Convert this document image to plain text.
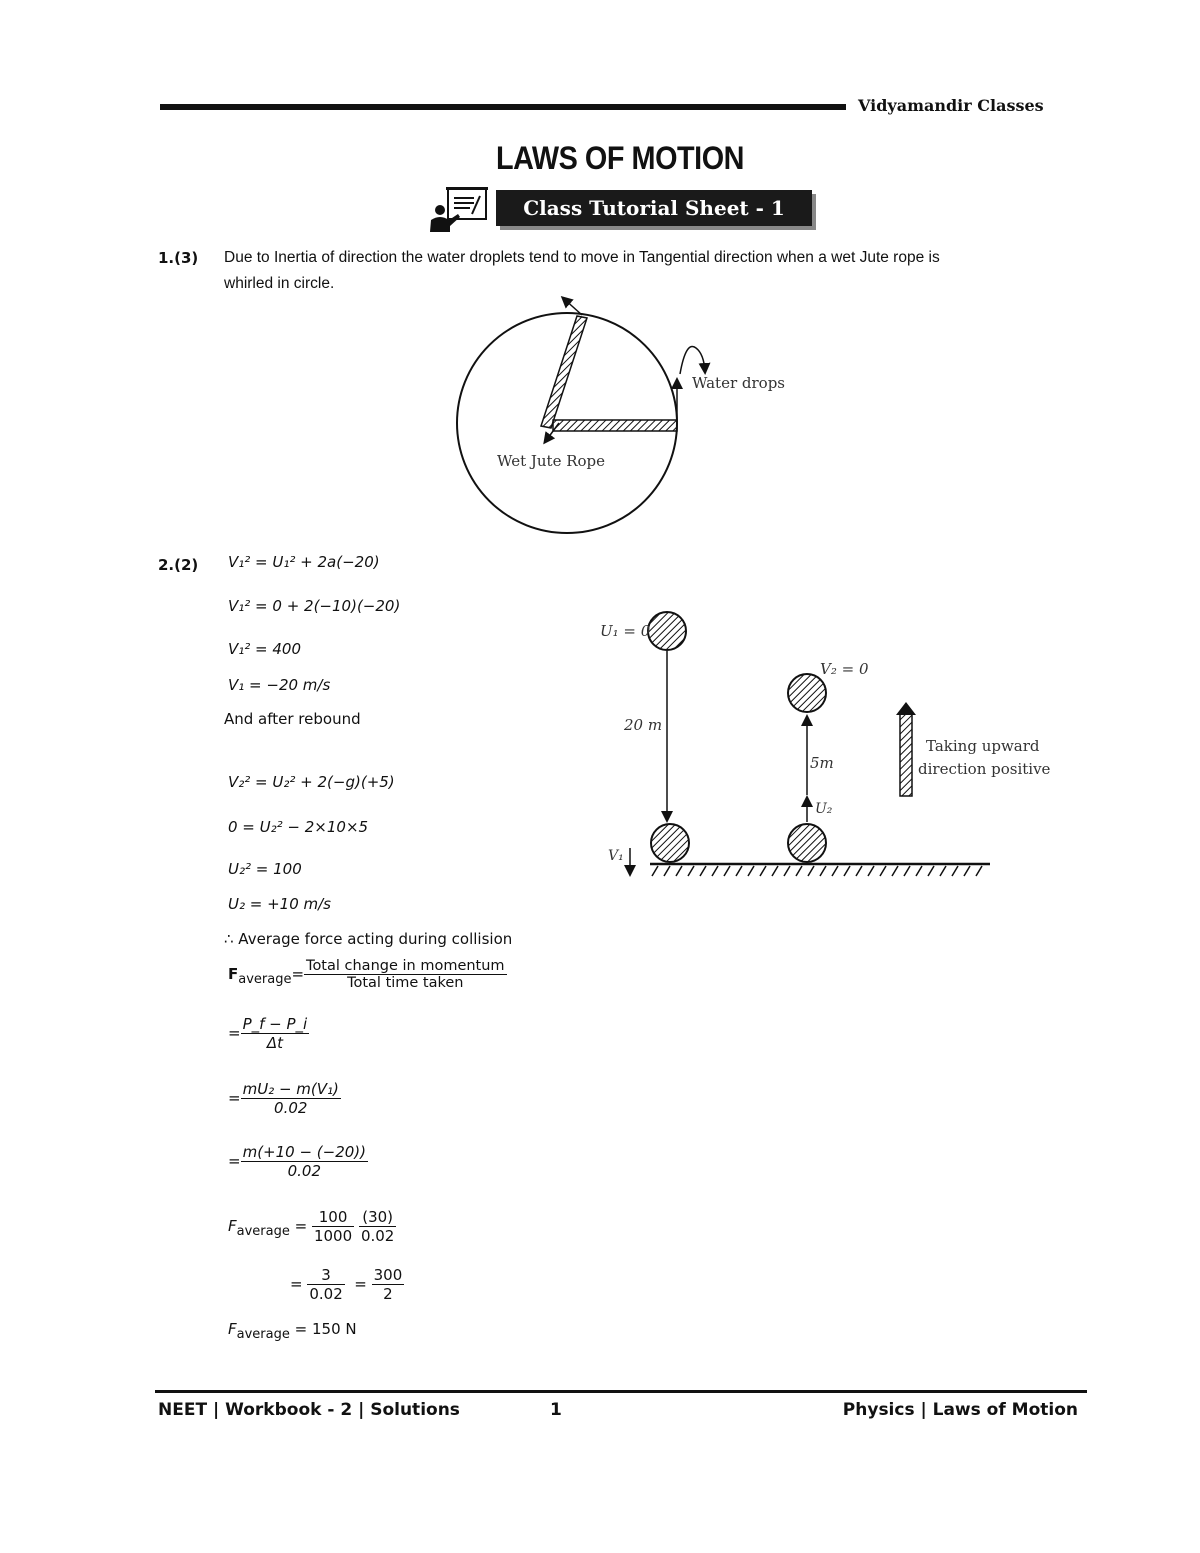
Vidyamandir Classes
LAWS OF MOTION
Class Tutorial Sheet - 1
1.(3) Due to Inertia of direction the water droplets tend to move in Tangential direction when a wet Jute rope is
whirled in circle.
Water drops
Wet Jute Rope
2.(2) V₁² = U₁² + 2a(−20)
V₁² = 0 + 2(−10)(−20)
V₁² = 400
V₁ = −20 m/s
And after rebound
V₂² = U₂² + 2(−g)(+5)
0 = U₂² − 2×10×5
U₂² = 100
U₂ = +10 m/s
∴ Average force acting during collision
$F_{average}= \frac{\text{Total change in momentum}}{\text{Total time taken}}$
= $\frac{P\_f - P\_i}{\Delta t}$
= $\frac{\text{mU₂ − m(V₁)}}{0.02}$
= $\frac{m(+10 - (-20))}{0.02}$
$F_{average} = \frac{100}{1000}$
$\frac{(30)}{0.02}$
= $\frac{3}{0.02} = \frac{300}{2}$
$F_{average} = 150$ N
U₁ = 0
20 m
V₁
V₂ = 0
5m
U₂
Taking upward
direction positive
NEET | Workbook - 2 | Solutions	1	Physics | Laws of Motion
